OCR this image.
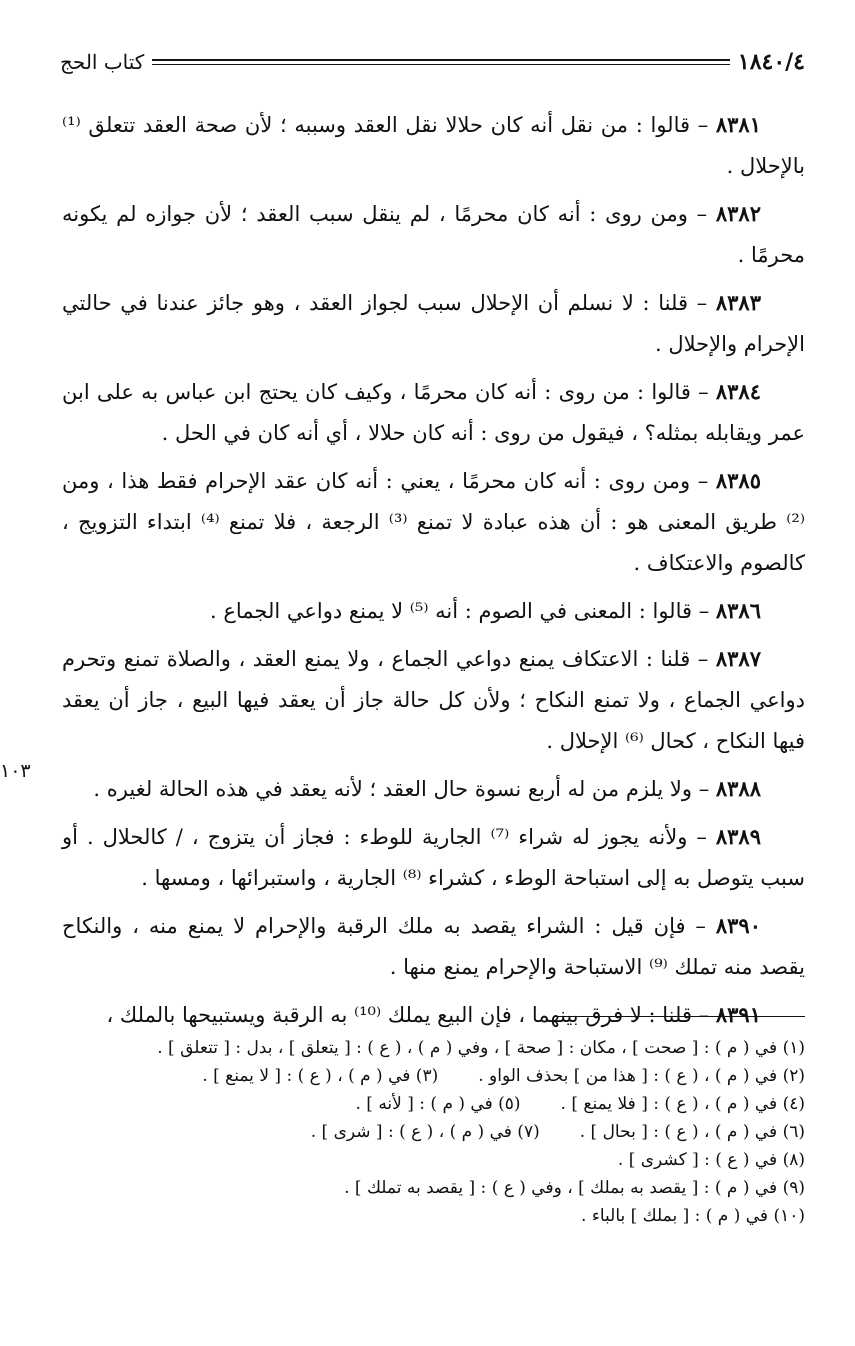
١٨٤٠/٤
كتاب الحج
١٠٣

٨٣٨١ – قالوا : من نقل أنه كان حلالا نقل العقد وسببه ؛ لأن صحة العقد تتعلق ⁽¹⁾ بالإحلال .

٨٣٨٢ – ومن روى : أنه كان محرمًا ، لم ينقل سبب العقد ؛ لأن جوازه لم يكونه محرمًا .

٨٣٨٣ – قلنا : لا نسلم أن الإحلال سبب لجواز العقد ، وهو جائز عندنا في حالتي الإحرام والإحلال .

٨٣٨٤ – قالوا : من روى : أنه كان محرمًا ، وكيف كان يحتج ابن عباس به على ابن عمر ويقابله بمثله؟ ، فيقول من روى : أنه كان حلالا ، أي أنه كان في الحل .

٨٣٨٥ – ومن روى : أنه كان محرمًا ، يعني : أنه كان عقد الإحرام فقط هذا ، ومن ⁽²⁾ طريق المعنى هو : أن هذه عبادة لا تمنع ⁽³⁾ الرجعة ، فلا تمنع ⁽⁴⁾ ابتداء التزويج ، كالصوم والاعتكاف .

٨٣٨٦ – قالوا : المعنى في الصوم : أنه ⁽⁵⁾ لا يمنع دواعي الجماع .

٨٣٨٧ – قلنا : الاعتكاف يمنع دواعي الجماع ، ولا يمنع العقد ، والصلاة تمنع وتحرم دواعي الجماع ، ولا تمنع النكاح ؛ ولأن كل حالة جاز أن يعقد فيها البيع ، جاز أن يعقد فيها النكاح ، كحال ⁽⁶⁾ الإحلال .

٨٣٨٨ – ولا يلزم من له أربع نسوة حال العقد ؛ لأنه يعقد في هذه الحالة لغيره .

٨٣٨٩ – ولأنه يجوز له شراء ⁽⁷⁾ الجارية للوطء : فجاز أن يتزوج ، / كالحلال . أو سبب يتوصل به إلى استباحة الوطء ، كشراء ⁽⁸⁾ الجارية ، واستبرائها ، ومسها .

٨٣٩٠ – فإن قيل : الشراء يقصد به ملك الرقبة والإحرام لا يمنع منه ، والنكاح يقصد منه تملك ⁽⁹⁾ الاستباحة والإحرام يمنع منها .

٨٣٩١ – قلنا : لا فرق بينهما ، فإن البيع يملك ⁽¹⁰⁾ به الرقبة ويستبيحها بالملك ،

(١) في ( م ) : [ صحت ] ، مكان : [ صحة ] ، وفي ( م ) ، ( ع ) : [ يتعلق ] ، بدل : [ تتعلق ] .
(٢) في ( م ) ، ( ع ) : [ هذا من ] بحذف الواو .
(٣) في ( م ) ، ( ع ) : [ لا يمنع ] .
(٤) في ( م ) ، ( ع ) : [ فلا يمنع ] .
(٥) في ( م ) : [ لأنه ] .
(٦) في ( م ) ، ( ع ) : [ بحال ] .
(٧) في ( م ) ، ( ع ) : [ شرى ] .
(٨) في ( ع ) : [ كشرى ] .
(٩) في ( م ) : [ يقصد به بملك ] ، وفي ( ع ) : [ يقصد به تملك ] .
(١٠) في ( م ) : [ بملك ] بالباء .
